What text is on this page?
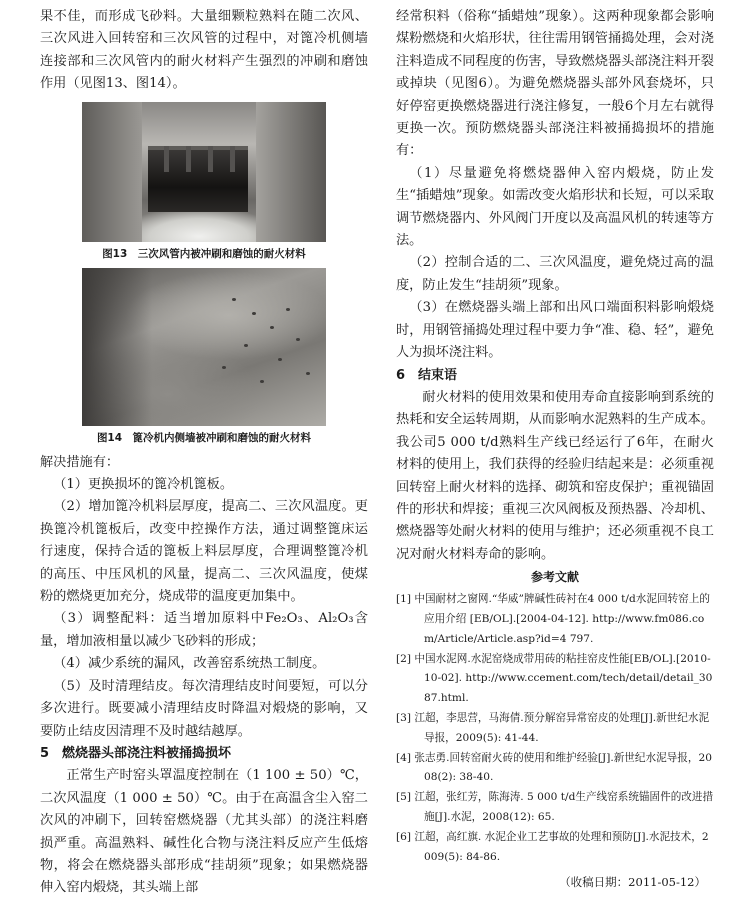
果不佳，而形成飞砂料。大量细颗粒熟料在随二次风、三次风进入回转窑和三次风管的过程中，对篦冷机侧墙连接部和三次风管内的耐火材料产生强烈的冲刷和磨蚀作用（见图13、图14）。

图13　三次风管内被冲刷和磨蚀的耐火材料
图14　篦冷机内侧墙被冲刷和磨蚀的耐火材料

解决措施有：

（1）更换损坏的篦冷机篦板。
（2）增加篦冷机料层厚度，提高二、三次风温度。更换篦冷机篦板后，改变中控操作方法，通过调整篦床运行速度，保持合适的篦板上料层厚度，合理调整篦冷机的高压、中压风机的风量，提高二、三次风温度，使煤粉的燃烧更加充分，烧成带的温度更加集中。
（3）调整配料：适当增加原料中Fe₂O₃、Al₂O₃含量，增加液相量以减少飞砂料的形成；
（4）减少系统的漏风，改善窑系统热工制度。
（5）及时清理结皮。每次清理结皮时间要短，可以分多次进行。既要减小清理结皮时降温对煅烧的影响，又要防止结皮因清理不及时越结越厚。
5　燃烧器头部浇注料被捅捣损坏

正常生产时窑头罩温度控制在（1 100 ± 50）℃，二次风温度（1 000 ± 50）℃。由于在高温含尘入窑二次风的冲刷下，回转窑燃烧器（尤其头部）的浇注料磨损严重。高温熟料、碱性化合物与浇注料反应产生低熔物，将会在燃烧器头部形成“挂胡须”现象；如果燃烧器伸入窑内煅烧，其头端上部

经常积料（俗称“插蜡烛”现象）。这两种现象都会影响煤粉燃烧和火焰形状，往往需用钢管捅捣处理，会对浇注料造成不同程度的伤害，导致燃烧器头部浇注料开裂或掉块（见图6）。为避免燃烧器头部外风套烧坏，只好停窑更换燃烧器进行浇注修复，一般6个月左右就得更换一次。预防燃烧器头部浇注料被捅捣损坏的措施有：

（1）尽量避免将燃烧器伸入窑内煅烧，防止发生“插蜡烛”现象。如需改变火焰形状和长短，可以采取调节燃烧器内、外风阀门开度以及高温风机的转速等方法。
（2）控制合适的二、三次风温度，避免烧过高的温度，防止发生“挂胡须”现象。
（3）在燃烧器头端上部和出风口端面积料影响煅烧时，用钢管捅捣处理过程中要力争“准、稳、轻”，避免人为损坏浇注料。
6　结束语

耐火材料的使用效果和使用寿命直接影响到系统的热耗和安全运转周期，从而影响水泥熟料的生产成本。我公司5 000 t/d熟料生产线已经运行了6年，在耐火材料的使用上，我们获得的经验归结起来是：必须重视回转窑上耐火材料的选择、砌筑和窑皮保护；重视锚固件的形状和焊接；重视三次风阀板及预热器、冷却机、燃烧器等处耐火材料的使用与维护；还必须重视不良工况对耐火材料寿命的影响。

参考文献

[1] 中国耐材之窗网.“华威”牌碱性砖衬在4 000 t/d水泥回转窑上的应用介绍 [EB/OL].[2004-04-12]. http://www.fm086.com/Article/Article.asp?id=4 797.

[2] 中国水泥网.水泥窑烧成带用砖的粘挂窑皮性能[EB/OL].[2010-10-02]. http://www.ccement.com/tech/detail/detail_3087.html.

[3] 江超，李思营，马海倩.预分解窑异常窑皮的处理[J].新世纪水泥导报，2009(5): 41-44.

[4] 张志勇.回转窑耐火砖的使用和维护经验[J].新世纪水泥导报，2008(2): 38-40.

[5] 江超，张红芳，陈海涛. 5 000 t/d生产线窑系统锚固件的改进措施[J].水泥，2008(12): 65.

[6] 江超，高红旗. 水泥企业工艺事故的处理和预防[J].水泥技术，2009(5): 84-86.

（收稿日期：2011-05-12）
